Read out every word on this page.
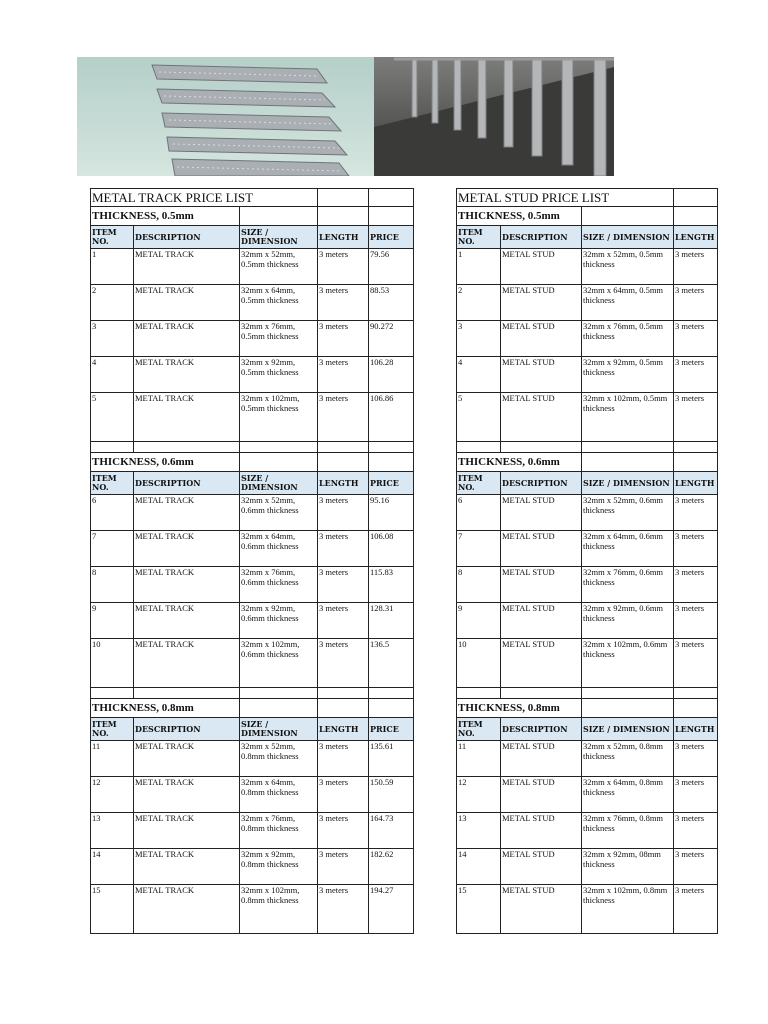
METAL TRACK PRICE LIST				
THICKNESS, 0.5mm				
ITEM NO.	DESCRIPTION	SIZE / DIMENSION	LENGTH	PRICE
1	METAL TRACK	32mm x 52mm, 0.5mm thickness	3 meters	79.56
2	METAL TRACK	32mm x 64mm, 0.5mm thickness	3 meters	88.53
3	METAL TRACK	32mm x 76mm, 0.5mm thickness	3 meters	90.272
4	METAL TRACK	32mm x 92mm, 0.5mm thickness	3 meters	106.28
5	METAL TRACK	32mm x 102mm, 0.5mm thickness	3 meters	106.86

THICKNESS, 0.6mm				
ITEM NO.	DESCRIPTION	SIZE / DIMENSION	LENGTH	PRICE
6	METAL TRACK	32mm x 52mm, 0.6mm thickness	3 meters	95.16
7	METAL TRACK	32mm x 64mm, 0.6mm thickness	3 meters	106.08
8	METAL TRACK	32mm x 76mm, 0.6mm thickness	3 meters	115.83
9	METAL TRACK	32mm x 92mm, 0.6mm thickness	3 meters	128.31
10	METAL TRACK	32mm x 102mm, 0.6mm thickness	3 meters	136.5

THICKNESS, 0.8mm				
ITEM NO.	DESCRIPTION	SIZE / DIMENSION	LENGTH	PRICE
11	METAL TRACK	32mm x 52mm, 0.8mm thickness	3 meters	135.61
12	METAL TRACK	32mm x 64mm, 0.8mm thickness	3 meters	150.59
13	METAL TRACK	32mm x 76mm, 0.8mm thickness	3 meters	164.73
14	METAL TRACK	32mm x 92mm, 0.8mm thickness	3 meters	182.62
15	METAL TRACK	32mm x 102mm, 0.8mm thickness	3 meters	194.27
METAL STUD PRICE LIST			
THICKNESS, 0.5mm			
ITEM NO.	DESCRIPTION	SIZE / DIMENSION	LENGTH
1	METAL STUD	32mm x 52mm, 0.5mm thickness	3 meters
2	METAL STUD	32mm x 64mm, 0.5mm thickness	3 meters
3	METAL STUD	32mm x 76mm, 0.5mm thickness	3 meters
4	METAL STUD	32mm x 92mm, 0.5mm thickness	3 meters
5	METAL STUD	32mm x 102mm, 0.5mm thickness	3 meters

THICKNESS, 0.6mm			
ITEM NO.	DESCRIPTION	SIZE / DIMENSION	LENGTH
6	METAL STUD	32mm x 52mm, 0.6mm thickness	3 meters
7	METAL STUD	32mm x 64mm, 0.6mm thickness	3 meters
8	METAL STUD	32mm x 76mm, 0.6mm thickness	3 meters
9	METAL STUD	32mm x 92mm, 0.6mm thickness	3 meters
10	METAL STUD	32mm x 102mm, 0.6mm thickness	3 meters

THICKNESS, 0.8mm			
ITEM NO.	DESCRIPTION	SIZE / DIMENSION	LENGTH
11	METAL STUD	32mm x 52mm, 0.8mm thickness	3 meters
12	METAL STUD	32mm x 64mm, 0.8mm thickness	3 meters
13	METAL STUD	32mm x 76mm, 0.8mm thickness	3 meters
14	METAL STUD	32mm x 92mm, 08mm thickness	3 meters
15	METAL STUD	32mm x 102mm, 0.8mm thickness	3 meters
